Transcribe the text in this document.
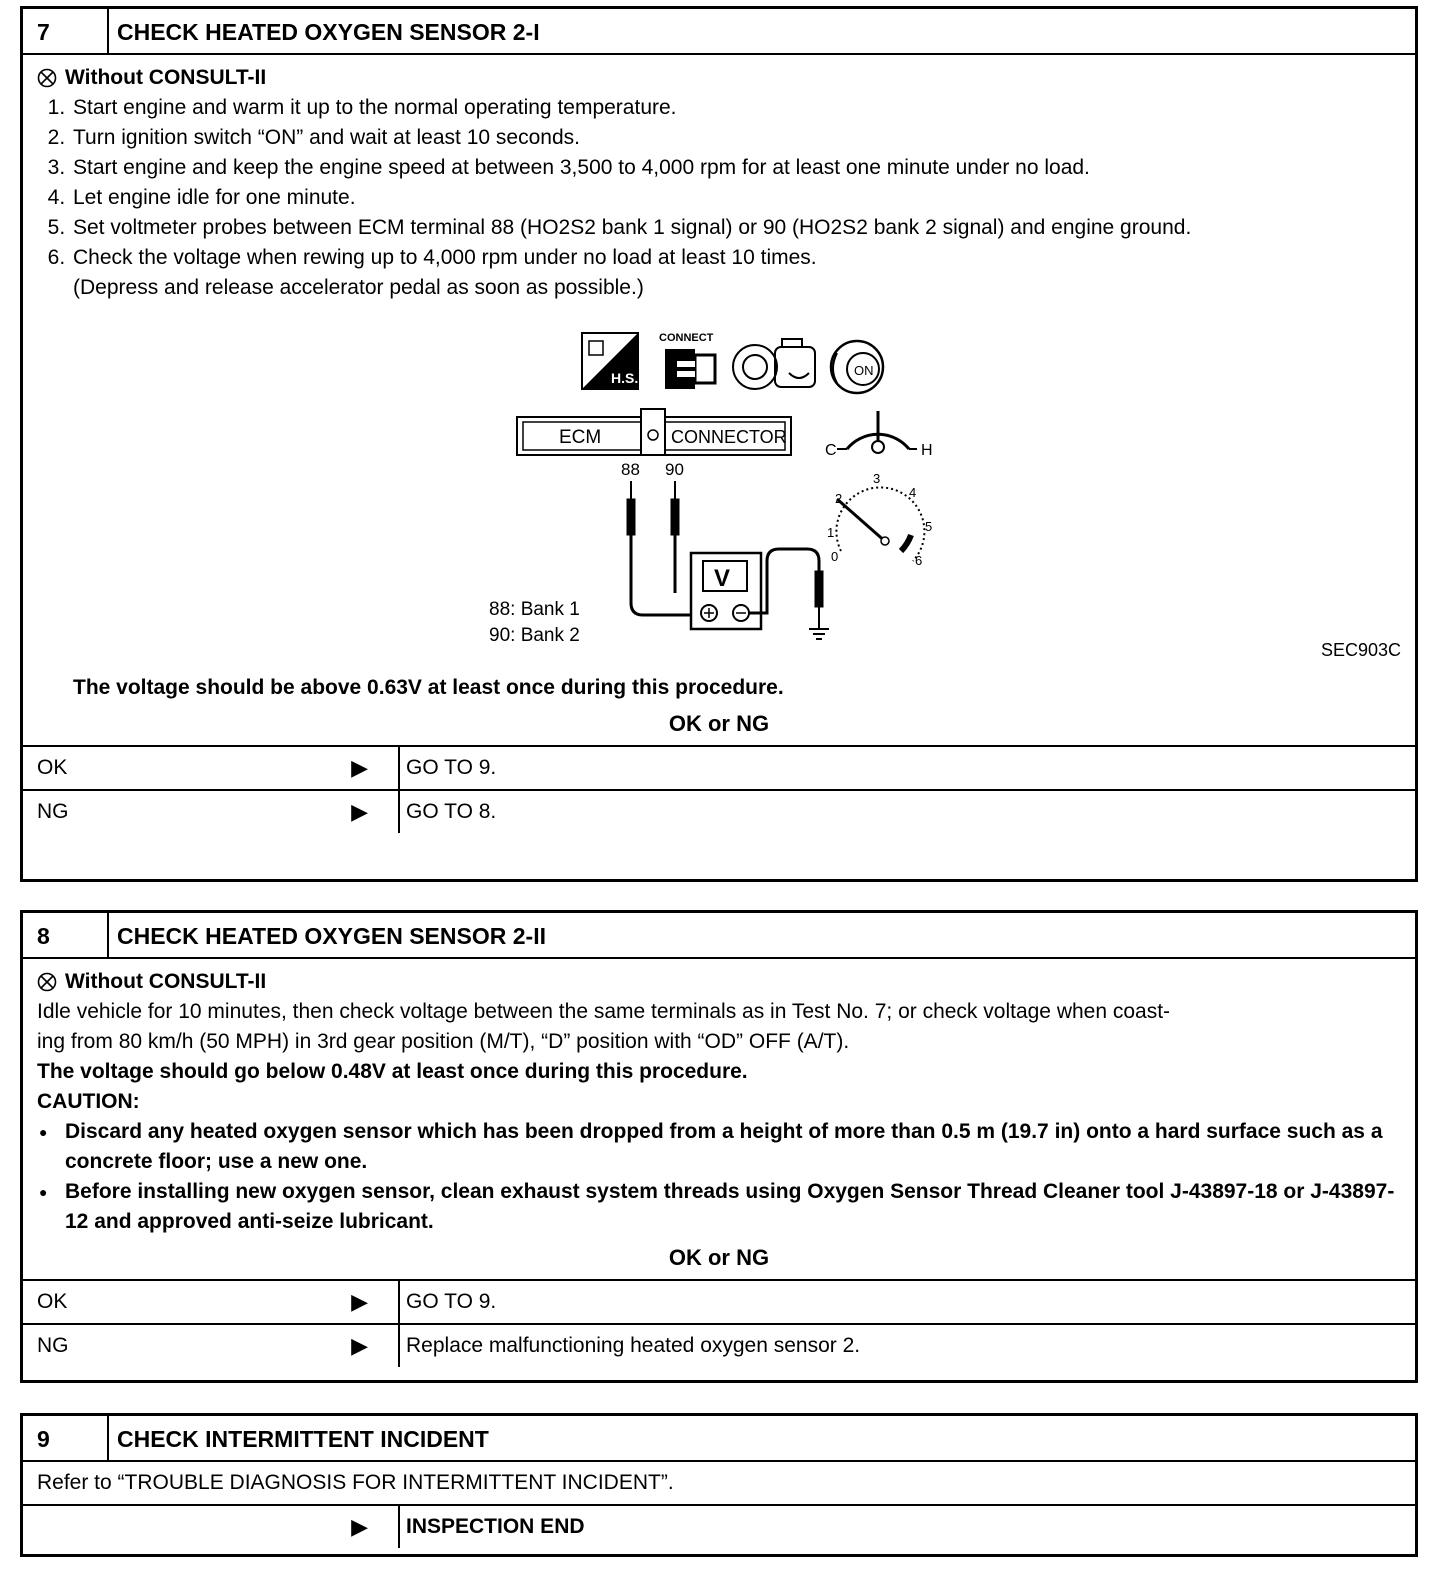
7	CHECK HEATED OXYGEN SENSOR 2-I
Without CONSULT-II
1. Start engine and warm it up to the normal operating temperature.
2. Turn ignition switch “ON” and wait at least 10 seconds.
3. Start engine and keep the engine speed at between 3,500 to 4,000 rpm for at least one minute under no load.
4. Let engine idle for one minute.
5. Set voltmeter probes between ECM terminal 88 (HO2S2 bank 1 signal) or 90 (HO2S2 bank 2 signal) and engine ground.
6. Check the voltage when rewing up to 4,000 rpm under no load at least 10 times.
(Depress and release accelerator pedal as soon as possible.)
H.S.
CONNECT
ON
ECM	CONNECTOR
88 90
V
C	H
0
1
2
3
4
5
6
88: Bank 1
90: Bank 2
SEC903C
The voltage should be above 0.63V at least once during this procedure.
OK or NG
OK	▶ GO TO 9.
NG	▶ GO TO 8.
8	CHECK HEATED OXYGEN SENSOR 2-II
Without CONSULT-II
Idle vehicle for 10 minutes, then check voltage between the same terminals as in Test No. 7; or check voltage when coast-
ing from 80 km/h (50 MPH) in 3rd gear position (M/T), “D” position with “OD” OFF (A/T).
The voltage should go below 0.48V at least once during this procedure.
CAUTION:
● Discard any heated oxygen sensor which has been dropped from a height of more than 0.5 m (19.7 in) onto a hard surface such as a concrete floor; use a new one.
● Before installing new oxygen sensor, clean exhaust system threads using Oxygen Sensor Thread Cleaner tool J-43897-18 or J-43897-12 and approved anti-seize lubricant.
OK or NG
OK	▶ GO TO 9.
NG	▶ Replace malfunctioning heated oxygen sensor 2.
9	CHECK INTERMITTENT INCIDENT
Refer to “TROUBLE DIAGNOSIS FOR INTERMITTENT INCIDENT”.
▶ INSPECTION END
